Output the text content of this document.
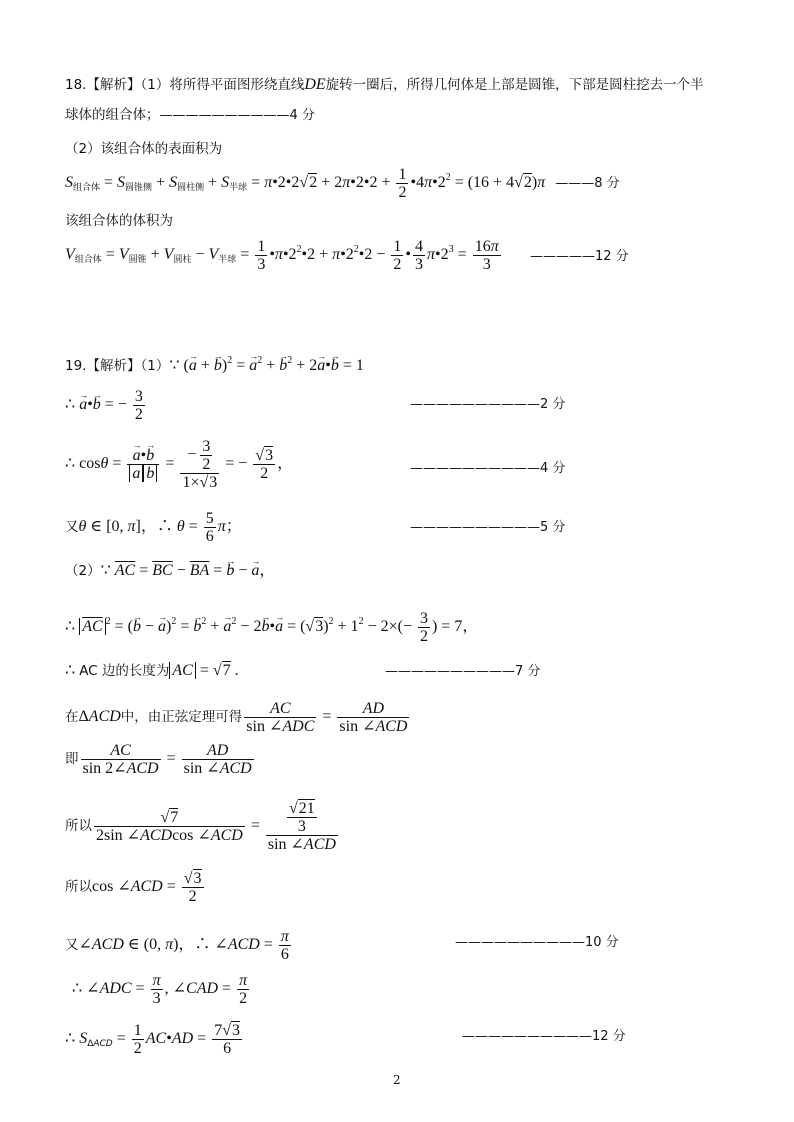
18.【解析】（1）将所得平面图形绕直线DE旋转一圈后，所得几何体是上部是圆锥，下部是圆柱挖去一个半
球体的组合体；——————————4 分
（2）该组合体的表面积为
$S_{组合体} = S_{圆锥侧} + S_{圆柱侧} + S_{半球}$ = π•2•2√2 + 2π•2•2 + $\frac{1}{2}$ $•4\pi•2^2 = (16 + 4√2)\pi$ ———8 分
该组合体的体积为
$V_{组合体} = V_{圆锥} + V_{圆柱} - V_{半球} = \frac{1}{3}$ $•\pi•2^2•2$ + $\pi•2^2•2 - \frac{1}{2}$ • $\frac{4}{3}$ $\pi•2^3 = \frac{16\pi}{3}$ —————12 分
19.【解析】（1）∵ (→ a + → b)$^2$ = → $a^2$ + → $b^2 + 2\to$ a•→ b = 1
∴ → a•→ b = − $\frac{3}{2}$	——————————2 分
∴ cosθ = → $\frac{a•\to b}{\text{a b}} = \frac{- \frac{3}{2}}{1\times√3}$ = − $\frac{√3}{2}$ ，	——————————4 分
又θ ∈ [0, π]，∴ $\theta = \frac{5}{6}$ π；	——————————5 分
（2）∵ $\overline{AC} = \overline{BC} - \overline{BA}$ = → b − → a，
∴ $\overline{AC}$ $^2$ = (→ b − → a)$^2$ = → $b^2$ + → $a^2 - 2\to$ b•→ $a = (√3)^2 + 1^2 - 2\times(- \frac{3}{2}$ ) = 7，
∴ AC 边的长度为 AC = √7 .	——————————7 分
在ΔACD中，由正弦定理可得 $\frac{AC}{\text{sin ∠ADC}} = \frac{AD}{\text{sin ∠ACD}}$
即 $\frac{AC}{\text{sin 2∠ACD}} = \frac{AD}{\text{sin ∠ACD}}$
所以 $\frac{√7}{\text{2sin ∠ACDcos ∠ACD}} = \frac{\frac{√21}{3}}{\text{sin ∠ACD}}$
所以cos ∠ACD = $\frac{√3}{2}$
又∠ACD ∈ (0, π)，∴ ∠ACD = $\frac{\pi}{6}$	——————————10 分
∴ ∠ADC = $\frac{\pi}{3}$ , ∠CAD = $\frac{\pi}{2}$
∴ $S_{\Delta ACD} = \frac{1}{2}$ AC•AD = $\frac{7√3}{6}$	——————————12 分
2
